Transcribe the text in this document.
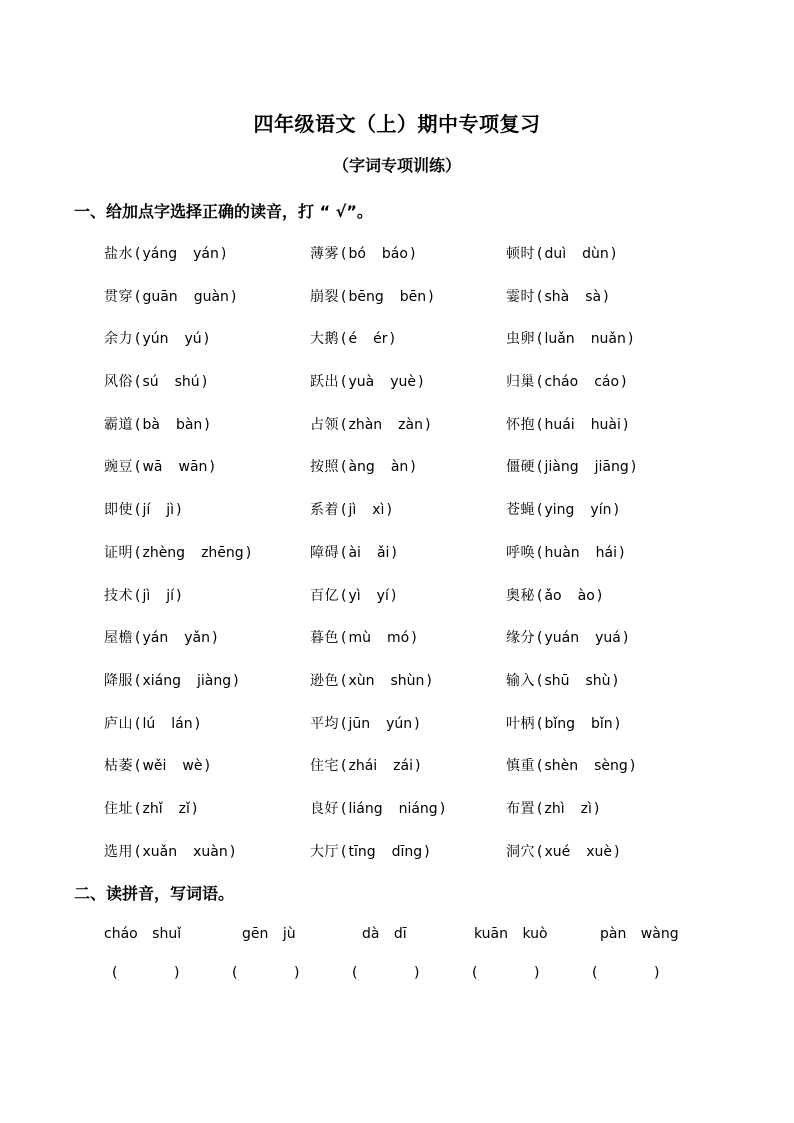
四年级语文（上）期中专项复习
（字词专项训练）
一、给加点字选择正确的读音，打 “ √”。
盐水 ( yáng yán )	薄雾 ( bó báo )	顿时 ( duì dùn )
贯穿 ( guān guàn )	崩裂 ( bēng bēn )	霎时 ( shà sà )
余力 ( yún yú )	大鹅 ( é ér )	虫卵 ( luǎn nuǎn )
风俗 ( sú shú )	跃出 ( yuà yuè )	归巢 ( cháo cáo )
霸道 ( bà bàn )	占领 ( zhàn zàn )	怀抱 ( huái huài )
豌豆 ( wā wān )	按照 ( àng àn )	僵硬 ( jiàng jiāng )
即使 ( jí jì )	系着 ( jì xì )	苍蝇 ( ying yín )
证明 ( zhèng zhēng )	障碍 ( ài ǎi )	呼唤 ( huàn hái )
技术 ( jì jí )	百亿 ( yì yí )	奥秘 ( ǎo ào )
屋檐 ( yán yǎn )	暮色 ( mù mó )	缘分 ( yuán yuá )
降服 ( xiáng jiàng )	逊色 ( xùn shùn )	输入 ( shū shù )
庐山 ( lú lán )	平均 ( jūn yún )	叶柄 ( bǐng bǐn )
枯萎 ( wěi wè )	住宅 ( zhái zái )	慎重 ( shèn sèng )
住址 ( zhǐ zǐ )	良好 ( liáng niáng )	布置 ( zhì zì )
选用 ( xuǎn xuàn )	大厅 ( tīng dīng )	洞穴 ( xué xuè )
二、读拼音，写词语。
cháo shuǐ	gēn jù	dà dī	kuān kuò	pàn wàng
(	)	(	)	(	)	(	)	(	)
